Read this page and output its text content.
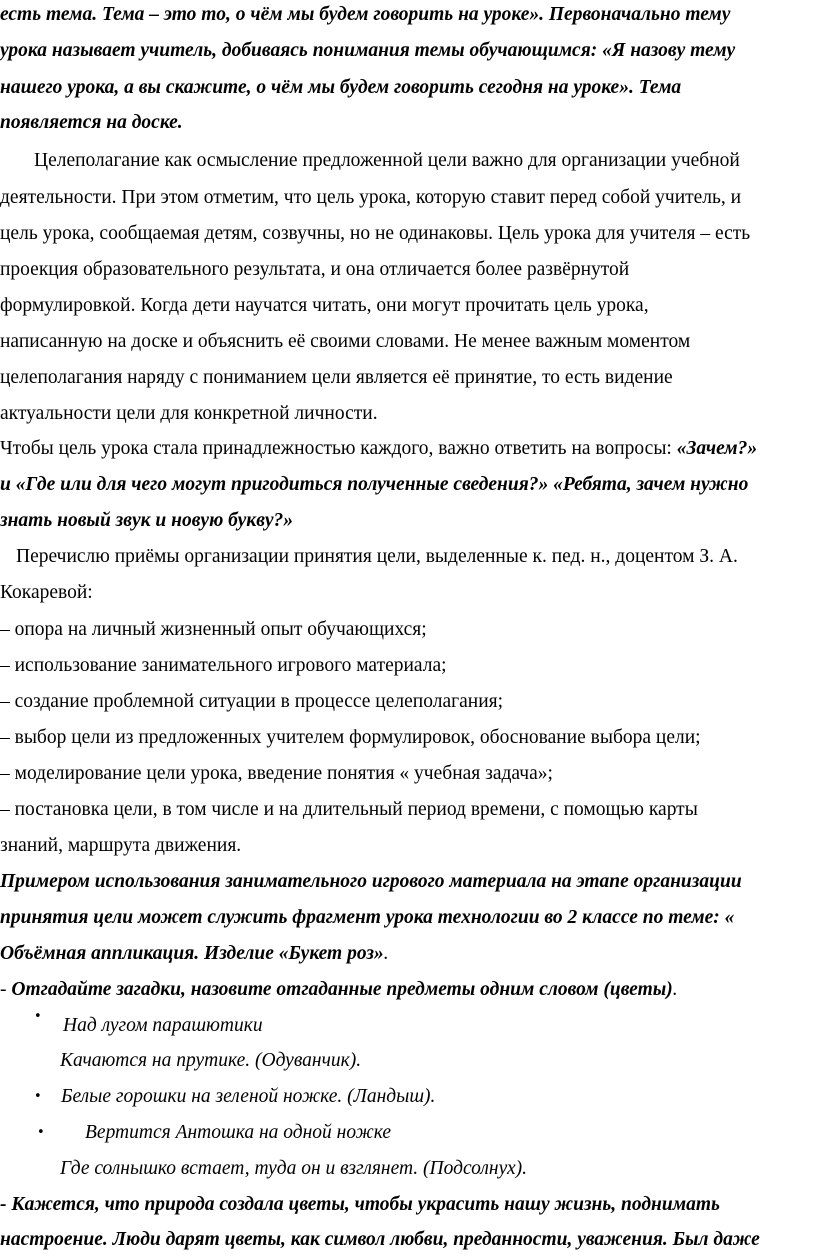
есть тема. Тема – это то, о чём мы будем говорить на уроке». Первоначально тему
урока называет учитель, добиваясь понимания темы обучающимся: «Я назову тему
нашего урока, а вы скажите, о чём мы будем говорить сегодня на уроке». Тема
появляется на доске.
Целеполагание как осмысление предложенной цели важно для организации учебной
деятельности. При этом отметим, что цель урока, которую ставит перед собой учитель, и
цель урока, сообщаемая детям, созвучны, но не одинаковы. Цель урока для учителя – есть
проекция образовательного результата, и она отличается более развёрнутой
формулировкой. Когда дети научатся читать, они могут прочитать цель урока,
написанную на доске и объяснить её своими словами. Не менее важным моментом
целеполагания наряду с пониманием цели является её принятие, то есть видение
актуальности цели для конкретной личности.
Чтобы цель урока стала принадлежностью каждого, важно ответить на вопросы: «Зачем?»
и «Где или для чего могут пригодиться полученные сведения?» «Ребята, зачем нужно
знать новый звук и новую букву?»
Перечислю приёмы организации принятия цели, выделенные к. пед. н., доцентом З. А.
Кокаревой:
– опора на личный жизненный опыт обучающихся;
– использование занимательного игрового материала;
– создание проблемной ситуации в процессе целеполагания;
– выбор цели из предложенных учителем формулировок, обоснование выбора цели;
– моделирование цели урока, введение понятия « учебная задача»;
– постановка цели, в том числе и на длительный период времени, с помощью карты
знаний, маршрута движения.
Примером использования занимательного игрового материала на этапе организации
принятия цели может служить фрагмент урока технологии во 2 классе по теме: «
Объёмная аппликация. Изделие «Букет роз».
- Отгадайте загадки, назовите отгаданные предметы одним словом (цветы).
• Над лугом парашютики
Качаются на прутике. (Одуванчик).
• Белые горошки на зеленой ножке. (Ландыш).
• Вертится Антошка на одной ножке
Где солнышко встает, туда он и взглянет. (Подсолнух).
- Кажется, что природа создала цветы, чтобы украсить нашу жизнь, поднимать
настроение. Люди дарят цветы, как символ любви, преданности, уважения. Был даже
